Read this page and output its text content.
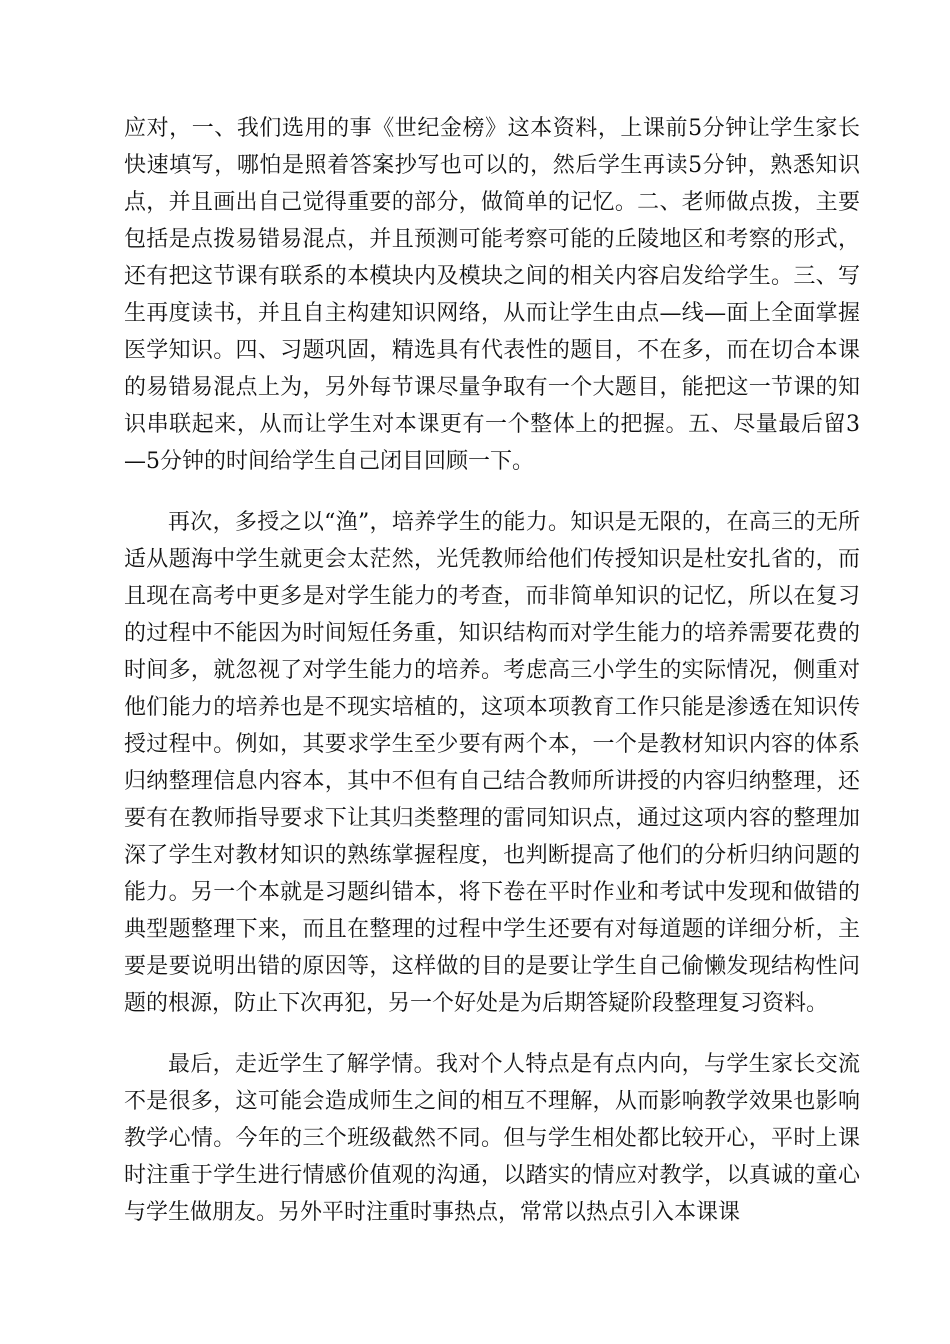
应对，一、我们选用的事《世纪金榜》这本资料，上课前5分钟让学生家长快速填写，哪怕是照着答案抄写也可以的，然后学生再读5分钟，熟悉知识点，并且画出自己觉得重要的部分，做简单的记忆。二、老师做点拨，主要包括是点拨易错易混点，并且预测可能考察可能的丘陵地区和考察的形式，还有把这节课有联系的本模块内及模块之间的相关内容启发给学生。三、写生再度读书，并且自主构建知识网络，从而让学生由点—线—面上全面掌握医学知识。四、习题巩固，精选具有代表性的题目，不在多，而在切合本课的易错易混点上为，另外每节课尽量争取有一个大题目，能把这一节课的知识串联起来，从而让学生对本课更有一个整体上的把握。五、尽量最后留3—5分钟的时间给学生自己闭目回顾一下。

再次，多授之以“渔”，培养学生的能力。知识是无限的，在高三的无所适从题海中学生就更会太茫然，光凭教师给他们传授知识是杜安扎省的，而且现在高考中更多是对学生能力的考查，而非简单知识的记忆，所以在复习的过程中不能因为时间短任务重，知识结构而对学生能力的培养需要花费的时间多，就忽视了对学生能力的培养。考虑高三小学生的实际情况，侧重对他们能力的培养也是不现实培植的，这项本项教育工作只能是渗透在知识传授过程中。例如，其要求学生至少要有两个本，一个是教材知识内容的体系归纳整理信息内容本，其中不但有自己结合教师所讲授的内容归纳整理，还要有在教师指导要求下让其归类整理的雷同知识点，通过这项内容的整理加深了学生对教材知识的熟练掌握程度，也判断提高了他们的分析归纳问题的能力。另一个本就是习题纠错本，将下卷在平时作业和考试中发现和做错的典型题整理下来，而且在整理的过程中学生还要有对每道题的详细分析，主要是要说明出错的原因等，这样做的目的是要让学生自己偷懒发现结构性问题的根源，防止下次再犯，另一个好处是为后期答疑阶段整理复习资料。

最后，走近学生了解学情。我对个人特点是有点内向，与学生家长交流不是很多，这可能会造成师生之间的相互不理解，从而影响教学效果也影响教学心情。今年的三个班级截然不同。但与学生相处都比较开心，平时上课时注重于学生进行情感价值观的沟通，以踏实的情应对教学，以真诚的童心与学生做朋友。另外平时注重时事热点，常常以热点引入本课课
